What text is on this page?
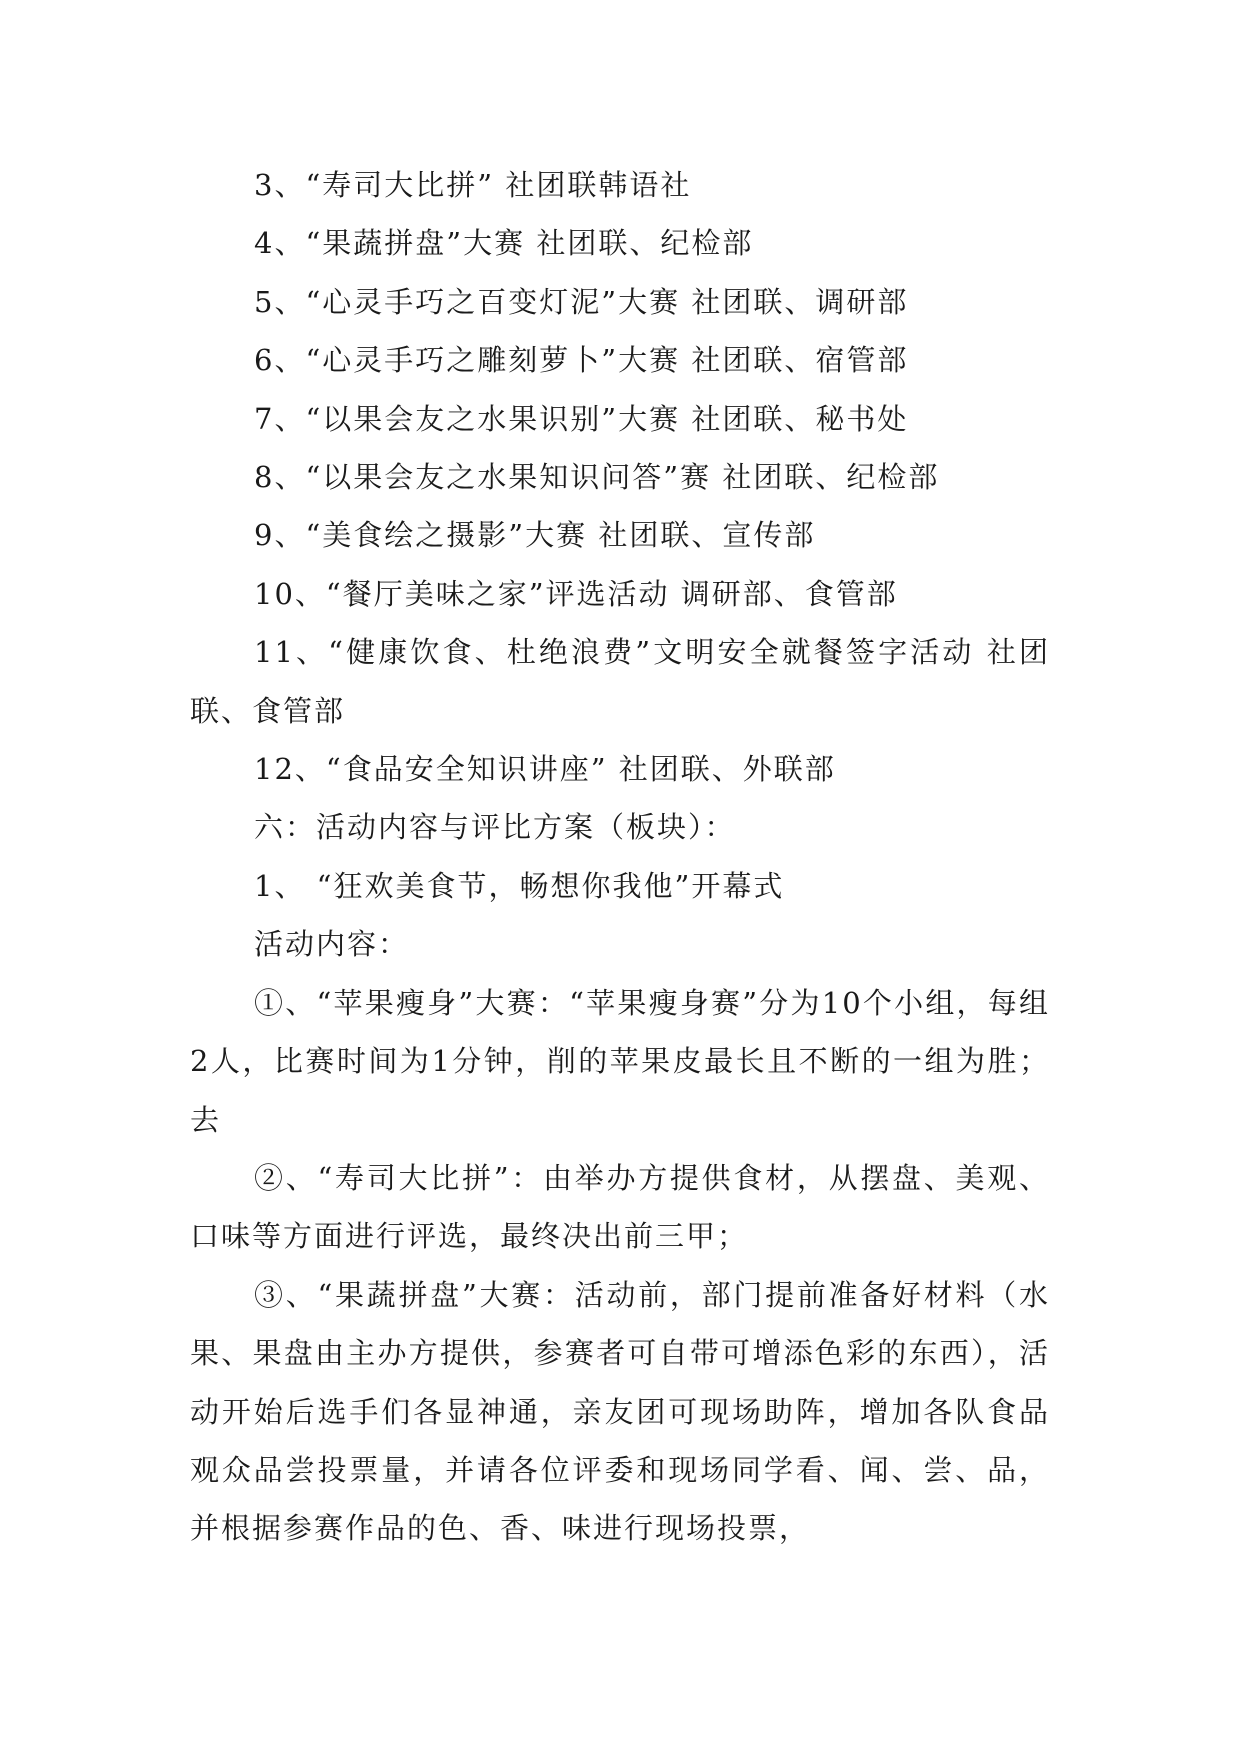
3、“寿司大比拼” 社团联韩语社

4、“果蔬拼盘”大赛 社团联、纪检部

5、“心灵手巧之百变灯泥”大赛 社团联、调研部

6、“心灵手巧之雕刻萝卜”大赛 社团联、宿管部

7、“以果会友之水果识别”大赛 社团联、秘书处

8、“以果会友之水果知识问答”赛 社团联、纪检部

9、“美食绘之摄影”大赛 社团联、宣传部

10、“餐厅美味之家”评选活动 调研部、食管部

11、“健康饮食、杜绝浪费”文明安全就餐签字活动 社团联、食管部

12、“食品安全知识讲座” 社团联、外联部

六：活动内容与评比方案（板块）：

1、 “狂欢美食节，畅想你我他”开幕式

活动内容：

①、“苹果瘦身”大赛：“苹果瘦身赛”分为10个小组，每组2人，比赛时间为1分钟，削的苹果皮最长且不断的一组为胜；去

②、“寿司大比拼”：由举办方提供食材，从摆盘、美观、口味等方面进行评选，最终决出前三甲；

③、“果蔬拼盘”大赛：活动前，部门提前准备好材料（水果、果盘由主办方提供，参赛者可自带可增添色彩的东西），活动开始后选手们各显神通，亲友团可现场助阵，增加各队食品观众品尝投票量，并请各位评委和现场同学看、闻、尝、品，并根据参赛作品的色、香、味进行现场投票，
